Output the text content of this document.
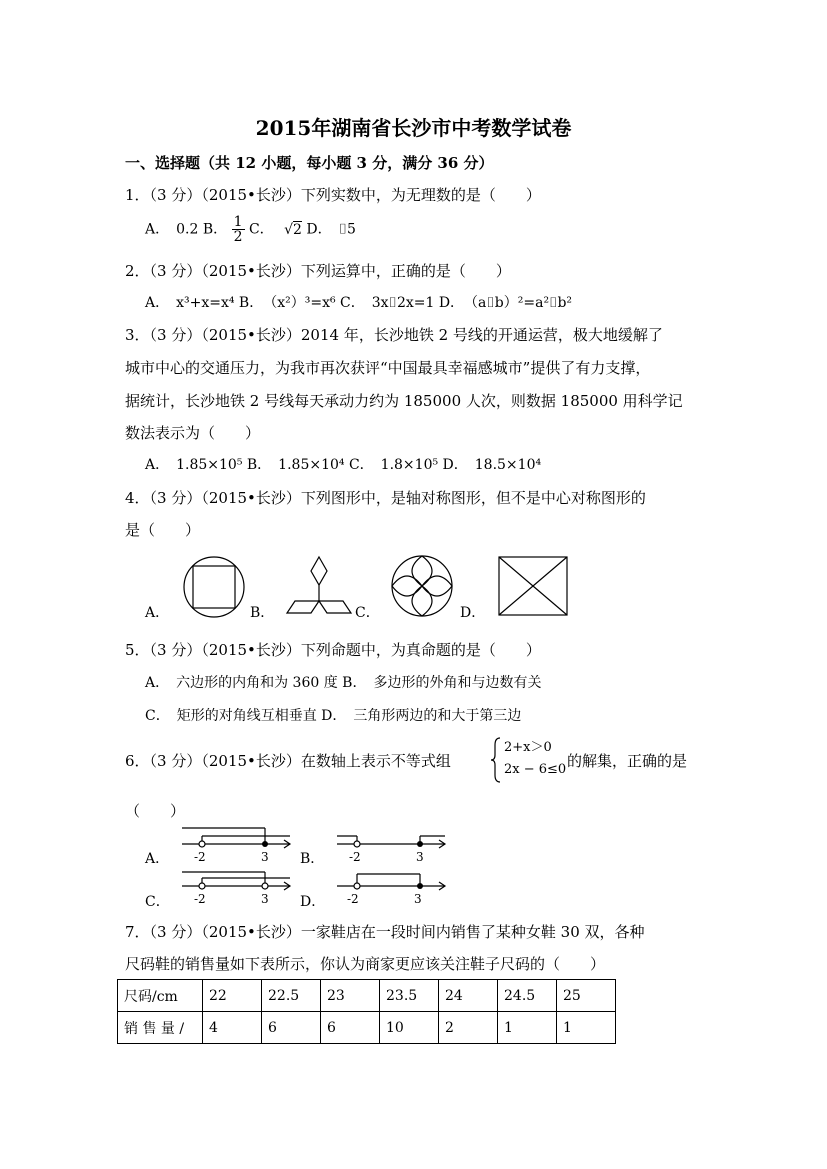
2015年湖南省长沙市中考数学试卷
一、选择题（共 12 小题，每小题 3 分，满分 36 分）
1．（3 分）（2015•长沙）下列实数中，为无理数的是（　　）
A．　0.2 B． $\frac{1}{2}$ C． √2 D．　⌷5
2．（3 分）（2015•长沙）下列运算中，正确的是（　　）
A．　x³+x=x⁴ B．　（x²）³=x⁶ C．　3x⌷2x=1 D．　（a⌷b）²=a²⌷b²
3．（3 分）（2015•长沙）2014 年，长沙地铁 2 号线的开通运营，极大地缓解了
城市中心的交通压力，为我市再次获评“中国最具幸福感城市”提供了有力支撑，
据统计，长沙地铁 2 号线每天承动力约为 185000 人次，则数据 185000 用科学记
数法表示为（　　）
A．　1.85×10⁵ B．　1.85×10⁴ C．　1.8×10⁵ D．　18.5×10⁴
4．（3 分）（2015•长沙）下列图形中，是轴对称图形，但不是中心对称图形的
是（　　）
A．	B．	C．	D．
5．（3 分）（2015•长沙）下列命题中，为真命题的是（　　）
A．　六边形的内角和为 360 度 B．　多边形的外角和与边数有关
C．　矩形的对角线互相垂直 D．　三角形两边的和大于第三边
6．（3 分）（2015•长沙）在数轴上表示不等式组
2+x＞0
2x − 6≤0 的解集，正确的是
（　　）
A． -2	3 B． -2	3
C． -2	3 D． -2	3
7．（3 分）（2015•长沙）一家鞋店在一段时间内销售了某种女鞋 30 双，各种
尺码鞋的销售量如下表所示，你认为商家更应该关注鞋子尺码的（　　）
尺码/cm	22	22.5	23	23.5	24	24.5	25
销 售 量 /	4	6	6	10	2	1	1
